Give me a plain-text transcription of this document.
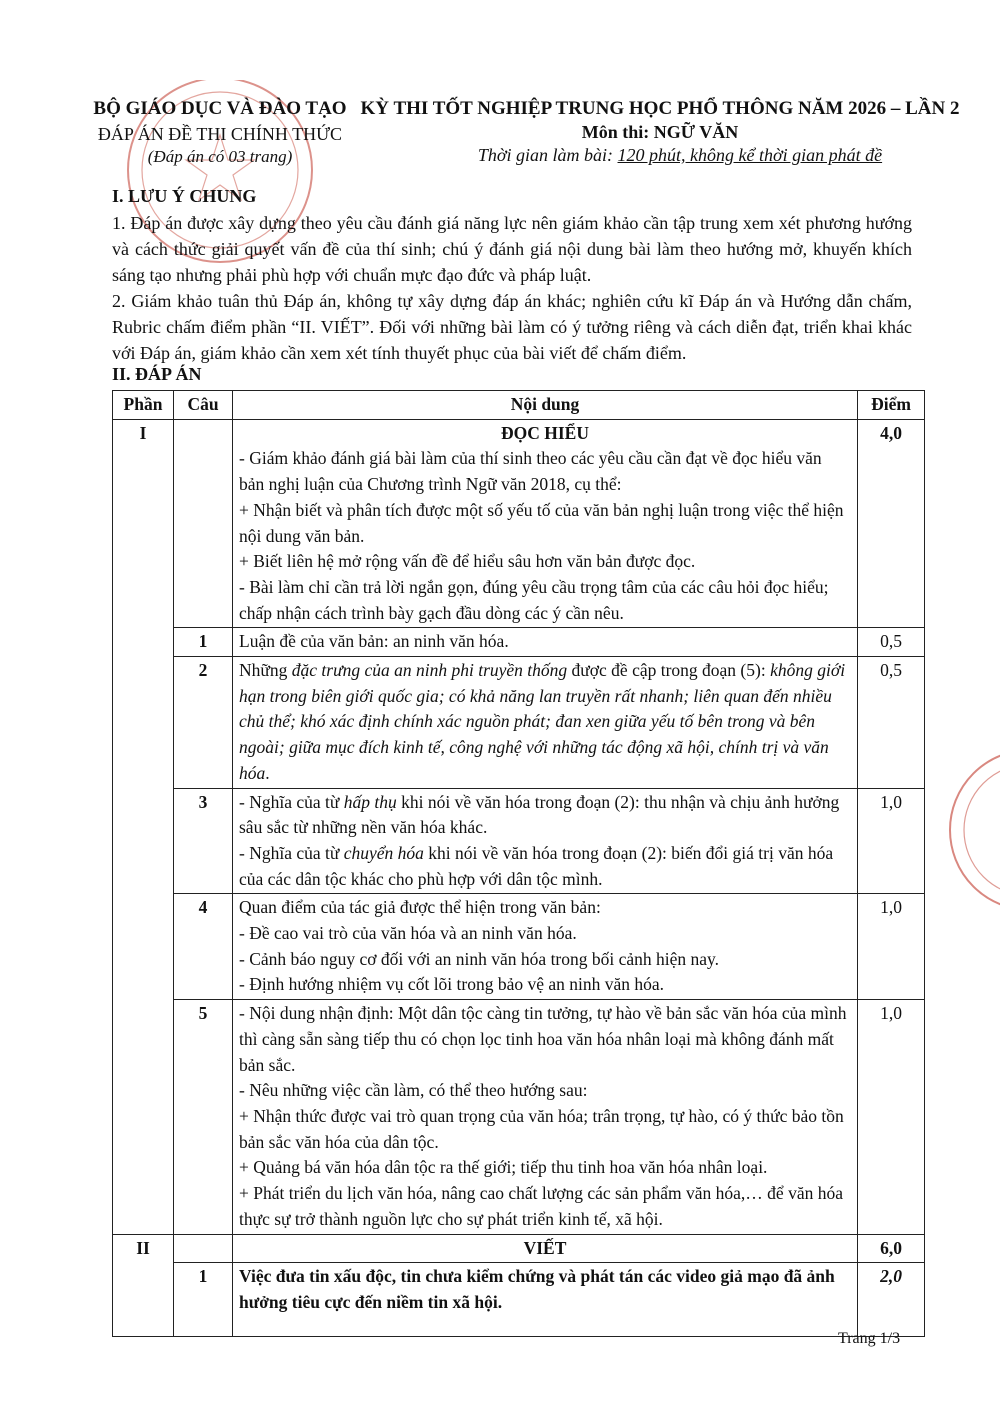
BỘ GIÁO DỤC VÀ ĐÀO TẠO
ĐÁP ÁN ĐỀ THI CHÍNH THỨC
(Đáp án có 03 trang)
KỲ THI TỐT NGHIỆP TRUNG HỌC PHỔ THÔNG NĂM 2026 – LẦN 2
Môn thi: NGỮ VĂN
Thời gian làm bài: 120 phút, không kể thời gian phát đề
I. LƯU Ý CHUNG
1. Đáp án được xây dựng theo yêu cầu đánh giá năng lực nên giám khảo cần tập trung xem xét phương hướng và cách thức giải quyết vấn đề của thí sinh; chú ý đánh giá nội dung bài làm theo hướng mở, khuyến khích sáng tạo nhưng phải phù hợp với chuẩn mực đạo đức và pháp luật.
2. Giám khảo tuân thủ Đáp án, không tự xây dựng đáp án khác; nghiên cứu kĩ Đáp án và Hướng dẫn chấm, Rubric chấm điểm phần “II. VIẾT”. Đối với những bài làm có ý tưởng riêng và cách diễn đạt, triển khai khác với Đáp án, giám khảo cần xem xét tính thuyết phục của bài viết để chấm điểm.
II. ĐÁP ÁN
Phần	Câu	Nội dung	Điểm
I		ĐỌC HIỂU
- Giám khảo đánh giá bài làm của thí sinh theo các yêu cầu cần đạt về đọc hiểu văn bản nghị luận của Chương trình Ngữ văn 2018, cụ thể:
+ Nhận biết và phân tích được một số yếu tố của văn bản nghị luận trong việc thể hiện nội dung văn bản.
+ Biết liên hệ mở rộng vấn đề để hiểu sâu hơn văn bản được đọc.
- Bài làm chỉ cần trả lời ngắn gọn, đúng yêu cầu trọng tâm của các câu hỏi đọc hiểu; chấp nhận cách trình bày gạch đầu dòng các ý cần nêu.	4,0
	1	Luận đề của văn bản: an ninh văn hóa.	0,5
	2	Những đặc trưng của an ninh phi truyền thống được đề cập trong đoạn (5): không giới hạn trong biên giới quốc gia; có khả năng lan truyền rất nhanh; liên quan đến nhiều chủ thể; khó xác định chính xác nguồn phát; đan xen giữa yếu tố bên trong và bên ngoài; giữa mục đích kinh tế, công nghệ với những tác động xã hội, chính trị và văn hóa.	0,5
	3	- Nghĩa của từ hấp thụ khi nói về văn hóa trong đoạn (2): thu nhận và chịu ảnh hưởng sâu sắc từ những nền văn hóa khác.
- Nghĩa của từ chuyển hóa khi nói về văn hóa trong đoạn (2): biến đổi giá trị văn hóa của các dân tộc khác cho phù hợp với dân tộc mình.	1,0
	4	Quan điểm của tác giả được thể hiện trong văn bản:
- Đề cao vai trò của văn hóa và an ninh văn hóa.
- Cảnh báo nguy cơ đối với an ninh văn hóa trong bối cảnh hiện nay.
- Định hướng nhiệm vụ cốt lõi trong bảo vệ an ninh văn hóa.	1,0
	5	- Nội dung nhận định: Một dân tộc càng tin tưởng, tự hào về bản sắc văn hóa của mình thì càng sẵn sàng tiếp thu có chọn lọc tinh hoa văn hóa nhân loại mà không đánh mất bản sắc.
- Nêu những việc cần làm, có thể theo hướng sau:
+ Nhận thức được vai trò quan trọng của văn hóa; trân trọng, tự hào, có ý thức bảo tồn bản sắc văn hóa của dân tộc.
+ Quảng bá văn hóa dân tộc ra thế giới; tiếp thu tinh hoa văn hóa nhân loại.
+ Phát triển du lịch văn hóa, nâng cao chất lượng các sản phẩm văn hóa,… để văn hóa thực sự trở thành nguồn lực cho sự phát triển kinh tế, xã hội.	1,0
II		VIẾT	6,0
	1	Việc đưa tin xấu độc, tin chưa kiểm chứng và phát tán các video giả mạo đã ảnh hưởng tiêu cực đến niềm tin xã hội.	2,0
Trang 1/3
